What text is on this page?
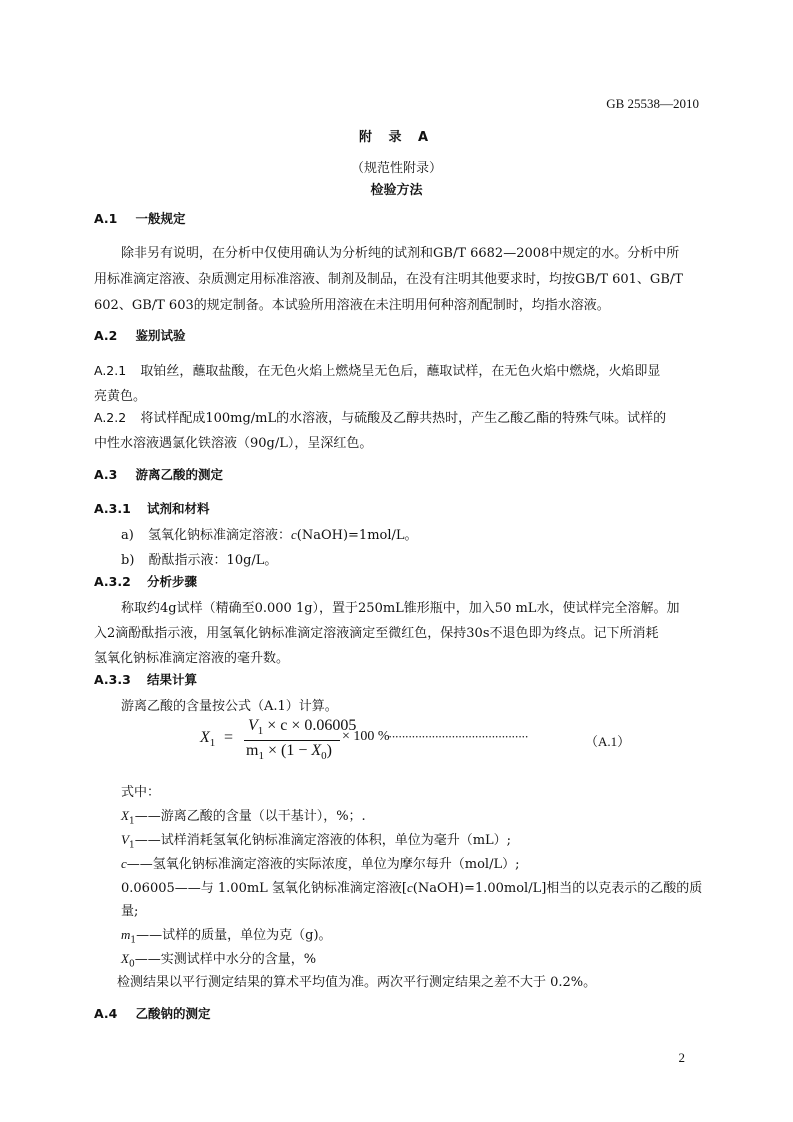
GB 25538—2010
附 录 A
（规范性附录）
检验方法
A.1 一般规定
除非另有说明，在分析中仅使用确认为分析纯的试剂和GB/T 6682—2008中规定的水。分析中所
用标准滴定溶液、杂质测定用标准溶液、制剂及制品，在没有注明其他要求时，均按GB/T 601、GB/T
602、GB/T 603的规定制备。本试验所用溶液在未注明用何种溶剂配制时，均指水溶液。
A.2 鉴别试验
A.2.1 取铂丝，蘸取盐酸，在无色火焰上燃烧呈无色后，蘸取试样，在无色火焰中燃烧，火焰即显
亮黄色。
A.2.2 将试样配成100mg/mL的水溶液，与硫酸及乙醇共热时，产生乙酸乙酯的特殊气味。试样的
中性水溶液遇氯化铁溶液（90g/L），呈深红色。
A.3 游离乙酸的测定
A.3.1 试剂和材料
a) 氢氧化钠标准滴定溶液：c(NaOH)=1mol/L。
b) 酚酞指示液：10g/L。
A.3.2 分析步骤
称取约4g试样（精确至0.000 1g），置于250mL锥形瓶中，加入50 mL水，使试样完全溶解。加
入2滴酚酞指示液，用氢氧化钠标准滴定溶液滴定至微红色，保持30s不退色即为终点。记下所消耗
氢氧化钠标准滴定溶液的毫升数。
A.3.3 结果计算
游离乙酸的含量按公式（A.1）计算。
$X_1$ =
$V_1 \times c \times 0.06005$
$m_1 \times (1 - X_0)$
× 100 %
··········································	（A.1）
式中：
$X_1——$游离乙酸的含量（以干基计），%；.
$V_1——$试样消耗氢氧化钠标准滴定溶液的体积，单位为毫升（mL）;
c——氢氧化钠标准滴定溶液的实际浓度，单位为摩尔每升（mol/L）;
0.06005——与 1.00mL 氢氧化钠标准滴定溶液[c(NaOH)=1.00mol/L]相当的以克表示的乙酸的质
量;
$m_1——$试样的质量，单位为克（g)。
$X_0——$实测试样中水分的含量，%
检测结果以平行测定结果的算术平均值为准。两次平行测定结果之差不大于 0.2%。
A.4 乙酸钠的测定
2
